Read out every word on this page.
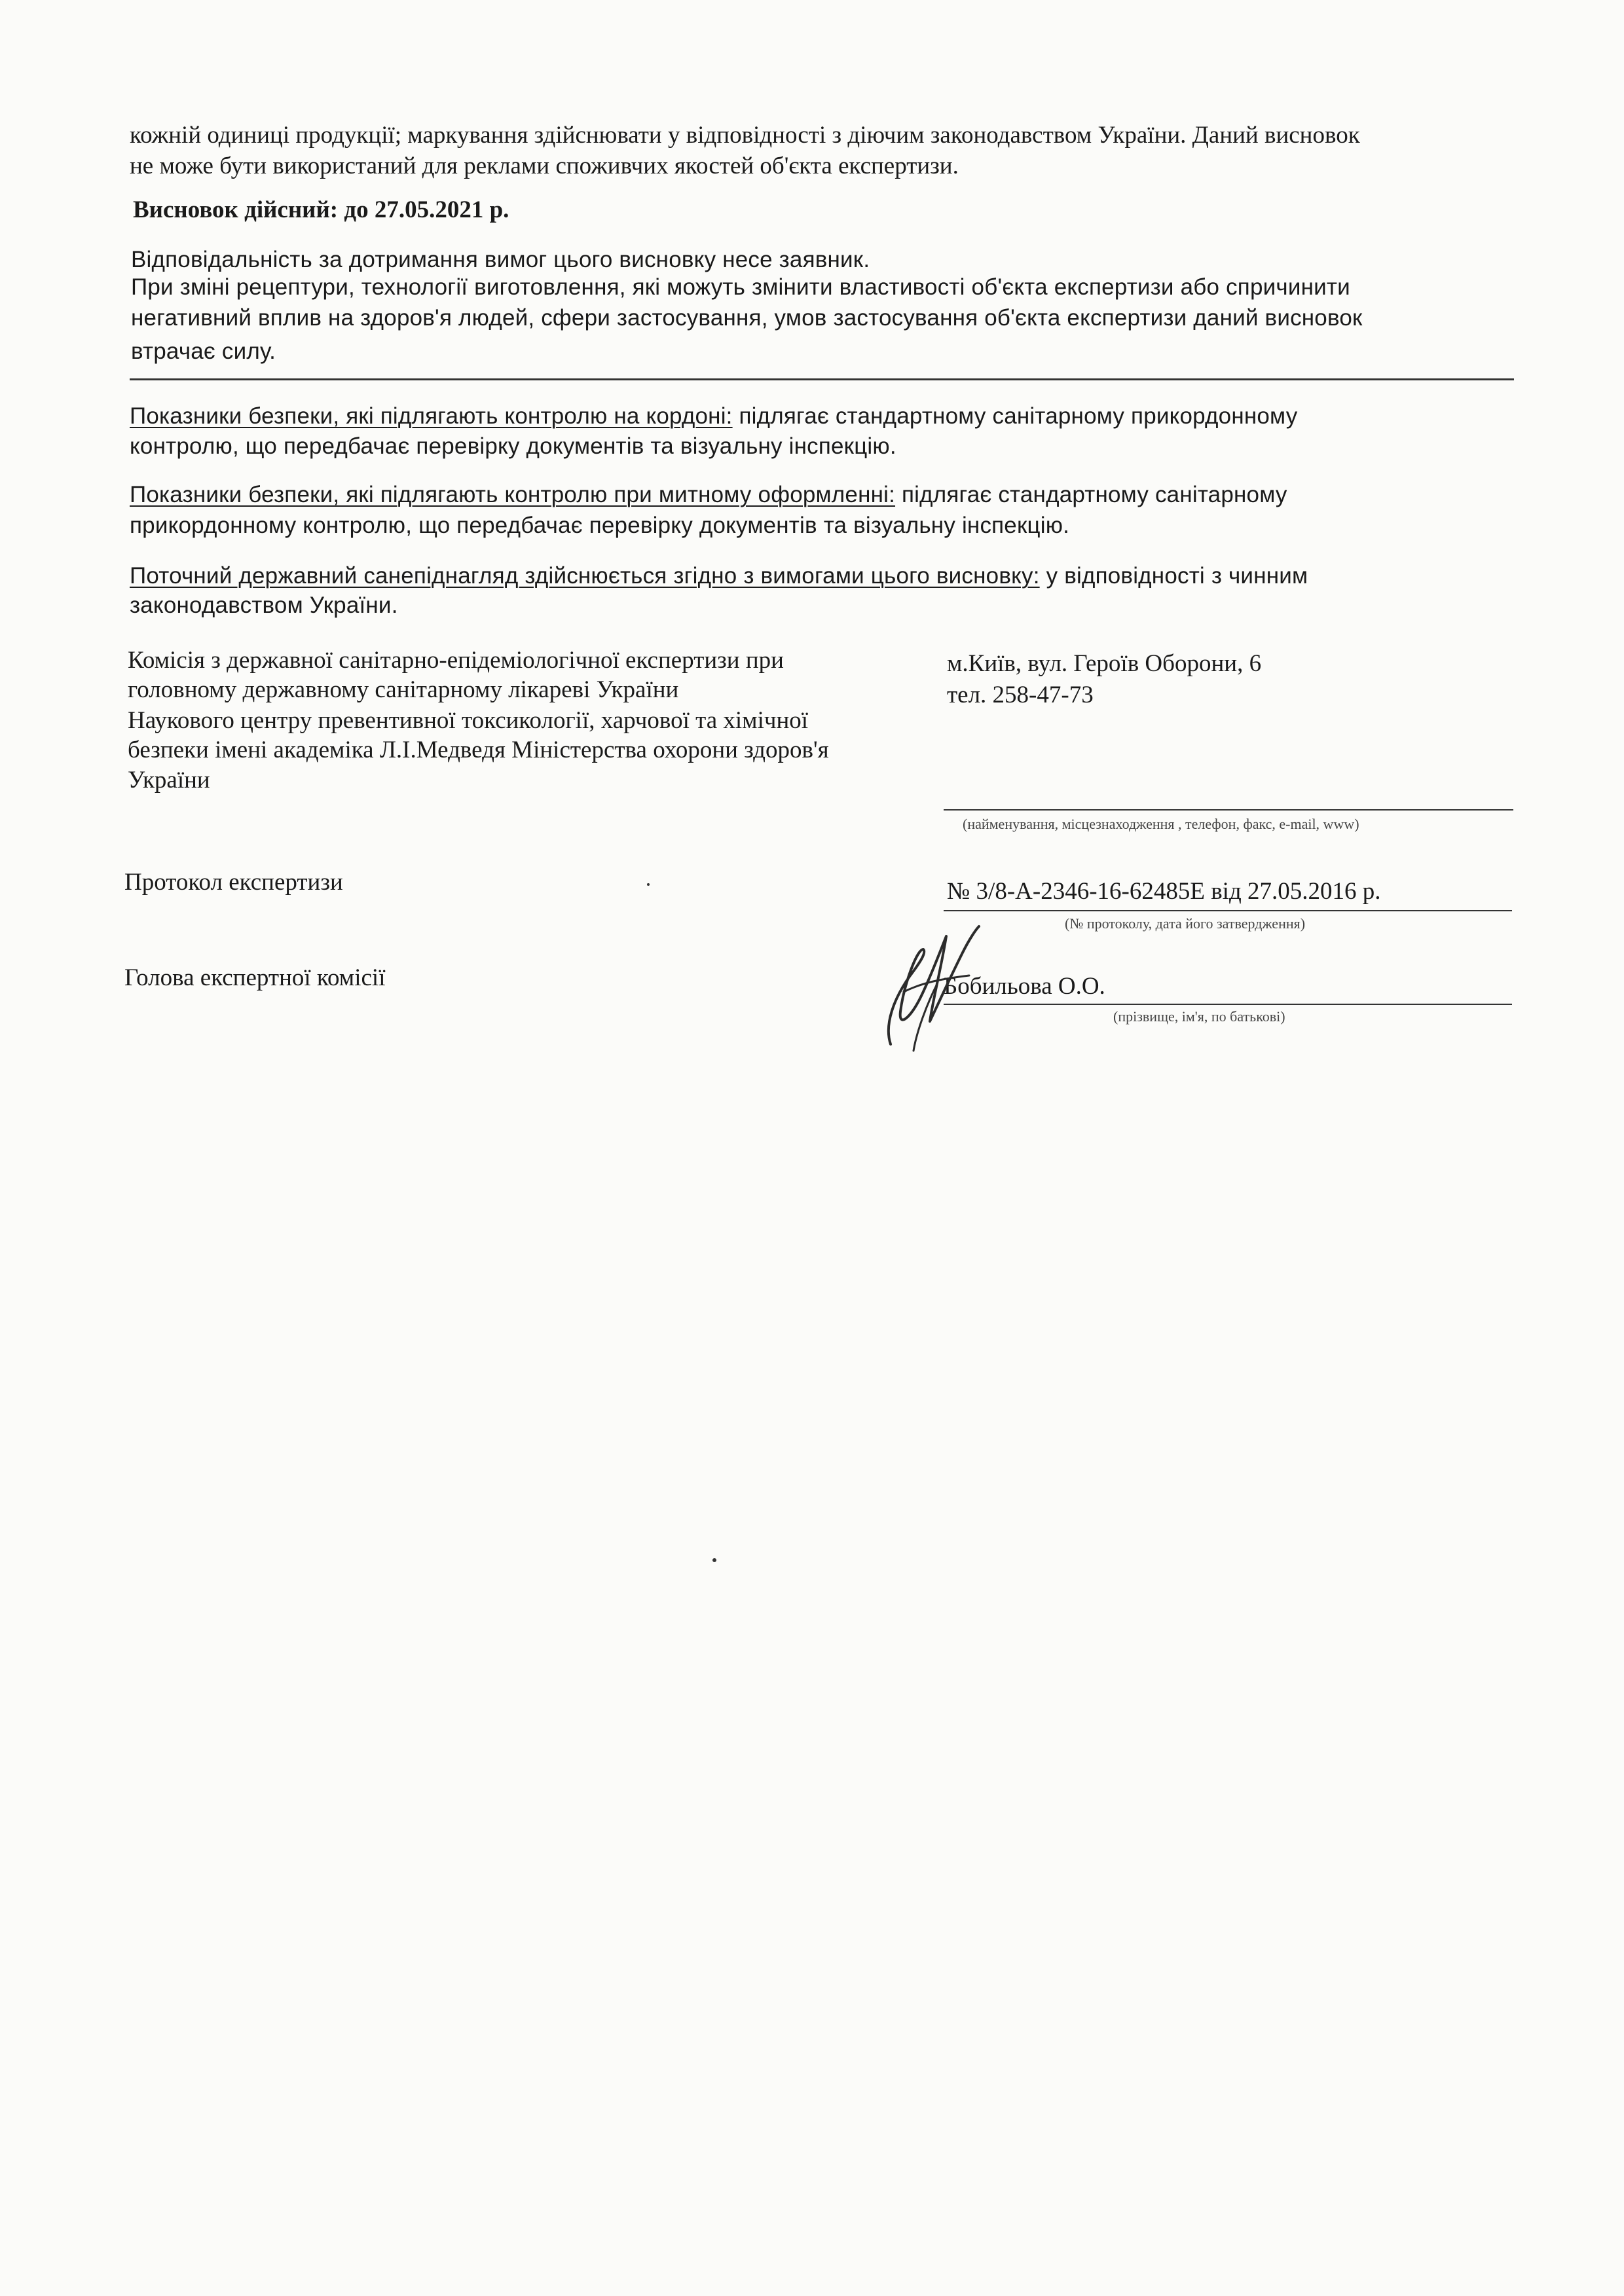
кожній одиниці продукції; маркування здійснювати у відповідності з діючим законодавством України. Даний висновок

не може бути використаний для реклами споживчих якостей об'єкта експертизи.

Висновок дійсний: до 27.05.2021 р.

Відповідальність за дотримання вимог цього висновку несе заявник.

При зміні рецептури, технології виготовлення, які можуть змінити властивості об'єкта експертизи або спричинити

негативний вплив на здоров'я людей, сфери застосування, умов застосування об'єкта експертизи даний висновок

втрачає силу.

Показники безпеки, які підлягають контролю на кордоні: підлягає стандартному санітарному прикордонному

контролю, що передбачає перевірку документів та візуальну інспекцію.

Показники безпеки, які підлягають контролю при митному оформленні: підлягає стандартному санітарному

прикордонному контролю, що передбачає перевірку документів та візуальну інспекцію.

Поточний державний санепіднагляд здійснюється згідно з вимогами цього висновку: у відповідності з чинним

законодавством України.

Комісія з державної санітарно-епідеміологічної експертизи при

головному державному санітарному лікареві України

Наукового центру превентивної токсикології, харчової та хімічної

безпеки імені академіка Л.І.Медведя Міністерства охорони здоров'я

України

м.Київ, вул. Героїв Оборони, 6

тел. 258-47-73

(найменування, місцезнаходження , телефон, факс, e-mail, www)

Протокол експертизи	№ 3/8-А-2346-16-62485Е від 27.05.2016 р.

(№ протоколу, дата його затвердження)

Голова експертної комісії	Бобильова О.О.

(прізвище, ім'я, по батькові)
